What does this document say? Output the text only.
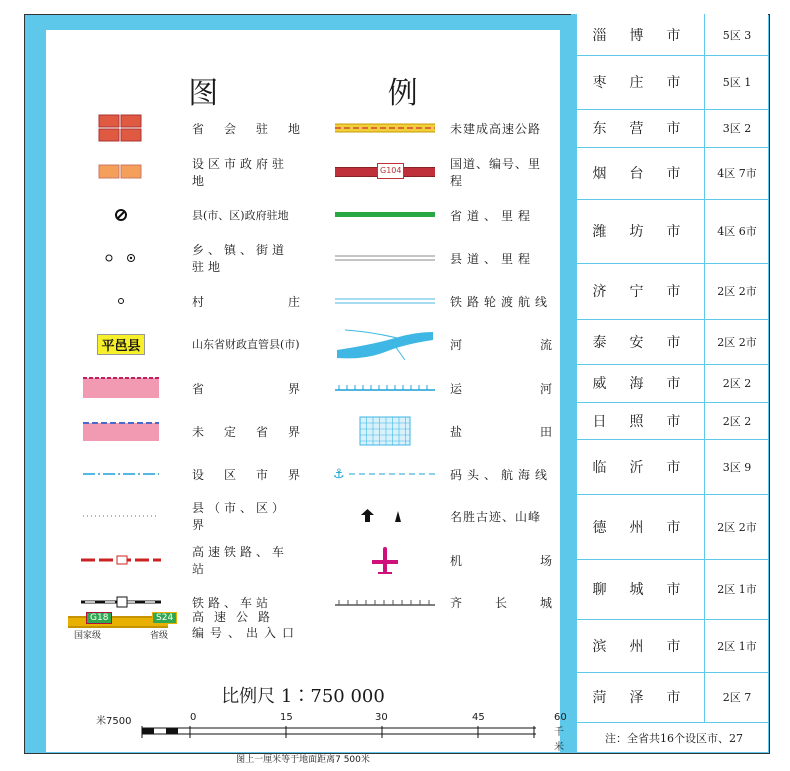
图 例
省 会 驻 地
设区市政府驻地
县(市、区)政府驻地
乡、镇、街道驻地
村	庄
平邑县	山东省财政直管县(市)
省	界
未 定 省 界
设 区 市 界
县（市、区）界
高速铁路、车站
铁路、车站
未建成高速公路
G104	国道、编号、里程
省道、里程
县道、里程
铁路轮渡航线
河	流
运	河
盐	田
⚓	码头、航海线
名胜古迹、山峰
机	场
齐	长	城
G18	S24
国家级	省级
高速公路
编号、出入口
比例尺 1∶750 000
米7500	0	15	30	45	60千米
图上一厘米等于地面距离7 500米
淄 博 市	5区 3
枣 庄 市	5区 1
东 营 市	3区 2
烟 台 市	4区 7市
潍 坊 市	4区 6市
济 宁 市	2区 2市
泰 安 市	2区 2市
威 海 市	2区 2
日 照 市	2区 2
临 沂 市	3区 9
德 州 市	2区 2市
聊 城 市	2区 1市
滨 州 市	2区 1市
菏 泽 市	2区 7
注：全省共16个设区市、27
